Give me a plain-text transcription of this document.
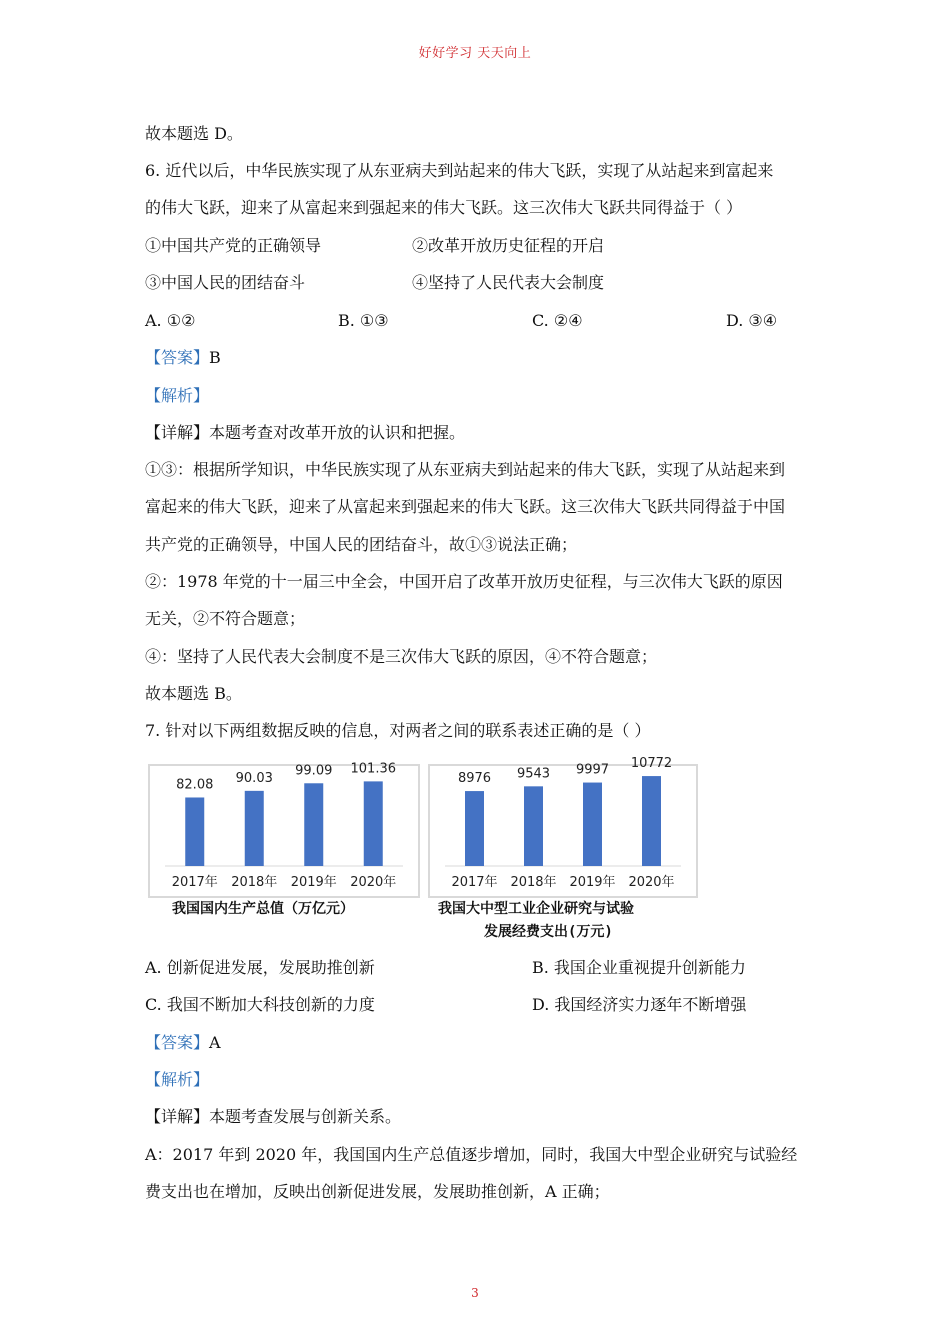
好好学习 天天向上
故本题选 D。
6. 近代以后，中华民族实现了从东亚病夫到站起来的伟大飞跃，实现了从站起来到富起来
的伟大飞跃，迎来了从富起来到强起来的伟大飞跃。这三次伟大飞跃共同得益于（ ）
①中国共产党的正确领导	②改革开放历史征程的开启
③中国人民的团结奋斗	④坚持了人民代表大会制度
A. ①②	B. ①③	C. ②④	D. ③④
【答案】B
【解析】
【详解】本题考查对改革开放的认识和把握。
①③：根据所学知识，中华民族实现了从东亚病夫到站起来的伟大飞跃，实现了从站起来到
富起来的伟大飞跃，迎来了从富起来到强起来的伟大飞跃。这三次伟大飞跃共同得益于中国
共产党的正确领导，中国人民的团结奋斗，故①③说法正确；
②：1978 年党的十一届三中全会，中国开启了改革开放历史征程，与三次伟大飞跃的原因
无关，②不符合题意；
④：坚持了人民代表大会制度不是三次伟大飞跃的原因，④不符合题意；
故本题选 B。
7. 针对以下两组数据反映的信息，对两者之间的联系表述正确的是（ ）
82.08
2017年
90.03
2018年
99.09
2019年
101.36
2020年
我国国内生产总值（万亿元）
8976
2017年
9543
2018年
9997
2019年
10772
2020年
我国大中型工业企业研究与试验
发展经费支出(万元)
A. 创新促进发展，发展助推创新	B. 我国企业重视提升创新能力
C. 我国不断加大科技创新的力度	D. 我国经济实力逐年不断增强
【答案】A
【解析】
【详解】本题考查发展与创新关系。
A：2017 年到 2020 年，我国国内生产总值逐步增加，同时，我国大中型企业研究与试验经
费支出也在增加，反映出创新促进发展，发展助推创新，A 正确；
3
